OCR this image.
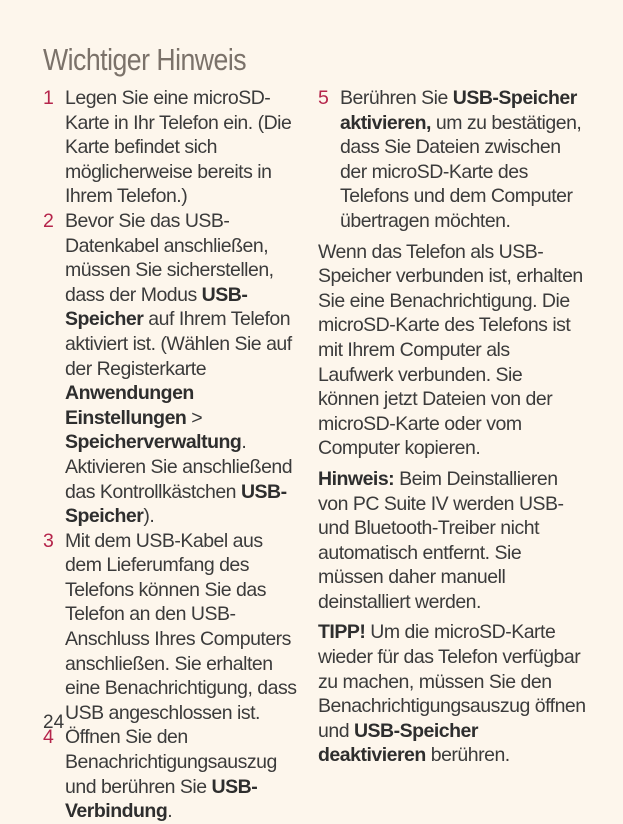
Wichtiger Hinweis
1 Legen Sie eine microSD-Karte in Ihr Telefon ein. (Die Karte befindet sich möglicherweise bereits in Ihrem Telefon.)
2 Bevor Sie das USB-Datenkabel anschließen, müssen Sie sicherstellen, dass der Modus USB-Speicher auf Ihrem Telefon aktiviert ist. (Wählen Sie auf der Registerkarte Anwendungen Einstellungen > Speicherverwaltung. Aktivieren Sie anschließend das Kontrollkästchen USB-Speicher).
3 Mit dem USB-Kabel aus dem Lieferumfang des Telefons können Sie das Telefon an den USB-Anschluss Ihres Computers anschließen. Sie erhalten eine Benachrichtigung, dass USB angeschlossen ist.
4 Öffnen Sie den Benachrichtigungsauszug und berühren Sie USB-Verbindung.
5 Berühren Sie USB-Speicher aktivieren, um zu bestätigen, dass Sie Dateien zwischen der microSD-Karte des Telefons und dem Computer übertragen möchten.

Wenn das Telefon als USB-Speicher verbunden ist, erhalten Sie eine Benachrichtigung. Die microSD-Karte des Telefons ist mit Ihrem Computer als Laufwerk verbunden. Sie können jetzt Dateien von der microSD-Karte oder vom Computer kopieren.

Hinweis: Beim Deinstallieren von PC Suite IV werden USB- und Bluetooth-Treiber nicht automatisch entfernt. Sie müssen daher manuell deinstalliert werden.

TIPP! Um die microSD-Karte wieder für das Telefon verfügbar zu machen, müssen Sie den Benachrichtigungsauszug öffnen und USB-Speicher deaktivieren berühren.

24
